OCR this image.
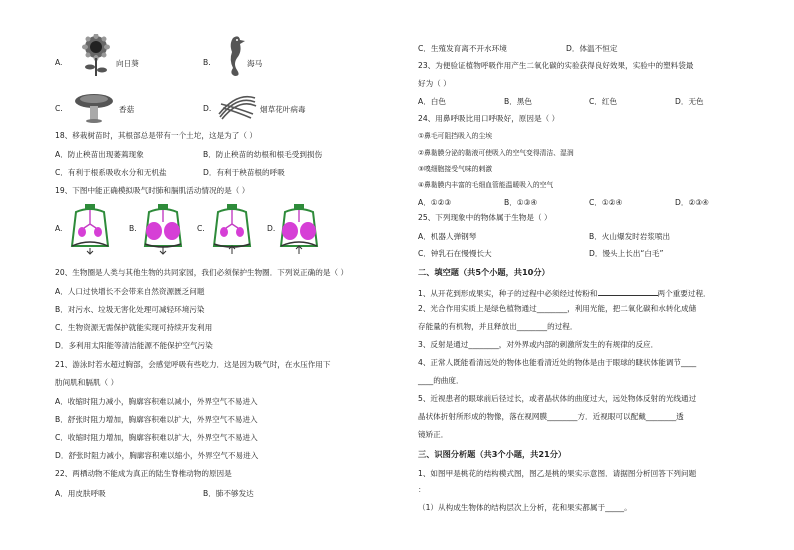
A.	向日葵	B.	海马
C.	香菇	D.	烟草花叶病毒
18、移栽树苗时，其根部总是带有一个土坨，这是为了（ ）
A．防止秧苗出现萎蔫现象	B．防止秧苗的幼根和根毛受到损伤
C．有利于根系吸收水分和无机盐	D．有利于秧苗根的呼吸
19、下图中能正确模拟吸气时肺和膈肌活动情况的是（ ）
A.	B.	C.	D.
20、生物圈是人类与其他生物的共同家园，我们必须保护生物圈．下列说正确的是（ ）
A．人口过快增长不会带来自然资源匮乏问题
B．对污水、垃圾无害化处理可减轻环境污染
C．生物资源无需保护就能实现可持续开发利用
D．多利用太阳能等清洁能源不能保护空气污染
21、游泳时若水超过胸部，会感觉呼吸有些吃力．这是因为吸气时，在水压作用下
肋间肌和膈肌（ ）
A．收缩时阻力减小，胸廓容积难以减小，外界空气不易进入
B．舒张时阻力增加，胸廓容积难以扩大，外界空气不易进入
C．收缩时阻力增加，胸廓容积难以扩大，外界空气不易进入
D．舒张时阻力减小，胸廓容积难以缩小，外界空气不易进入
22、两栖动物不能成为真正的陆生脊椎动物的原因是
A．用皮肤呼吸	B．肺不够发达
C．生殖发育离不开水环境	D．体温不恒定
23、为便验证植物呼吸作用产生二氧化碳的实验获得良好效果，实验中的塑料袋最
好为（ ）
A．白色	B．黑色	C．红色	D．无色
24、用鼻呼吸比用口呼吸好，原因是（ ）
①鼻毛可阻挡吸入的尘埃
②鼻黏膜分泌的黏液可使吸入的空气变得清洁、湿润
③嗅细胞接受气味的刺激
④鼻黏膜内丰富的毛细血管能温暖吸入的空气
A．①②③	B．①③④	C．①②④	D．②③④
25、下列现象中的物体属于生物是（ ）
A．机器人弹钢琴	B．火山爆发时岩浆喷出
C．钟乳石在慢慢长大	D．馒头上长出“白毛”
二、填空题（共5个小题，共10分）
1、从开花到形成果实，种子的过程中必须经过传粉和	两个重要过程．
2、光合作用实质上是绿色植物通过________，利用光能，把二氧化碳和水转化成储
存能量的有机物，并且释放出________的过程．
3、反射是通过________，对外界或内部的刺激所发生的有规律的反应．
4、正常人既能看清远处的物体也能看清近处的物体是由于眼球的睫状体能调节____
____的曲度．
5、近视患者的眼球前后径过长，或者晶状体的曲度过大，远处物体反射的光线通过
晶状体折射所形成的物像，落在视网膜________方．近视眼可以配戴________透
镜矫正．
三、识图分析题（共3个小题，共21分）
1、如图甲是桃花的结构模式图，图乙是桃的果实示意图．请据图分析回答下列问题
：
（1）从构成生物体的结构层次上分析，花和果实都属于_____。
